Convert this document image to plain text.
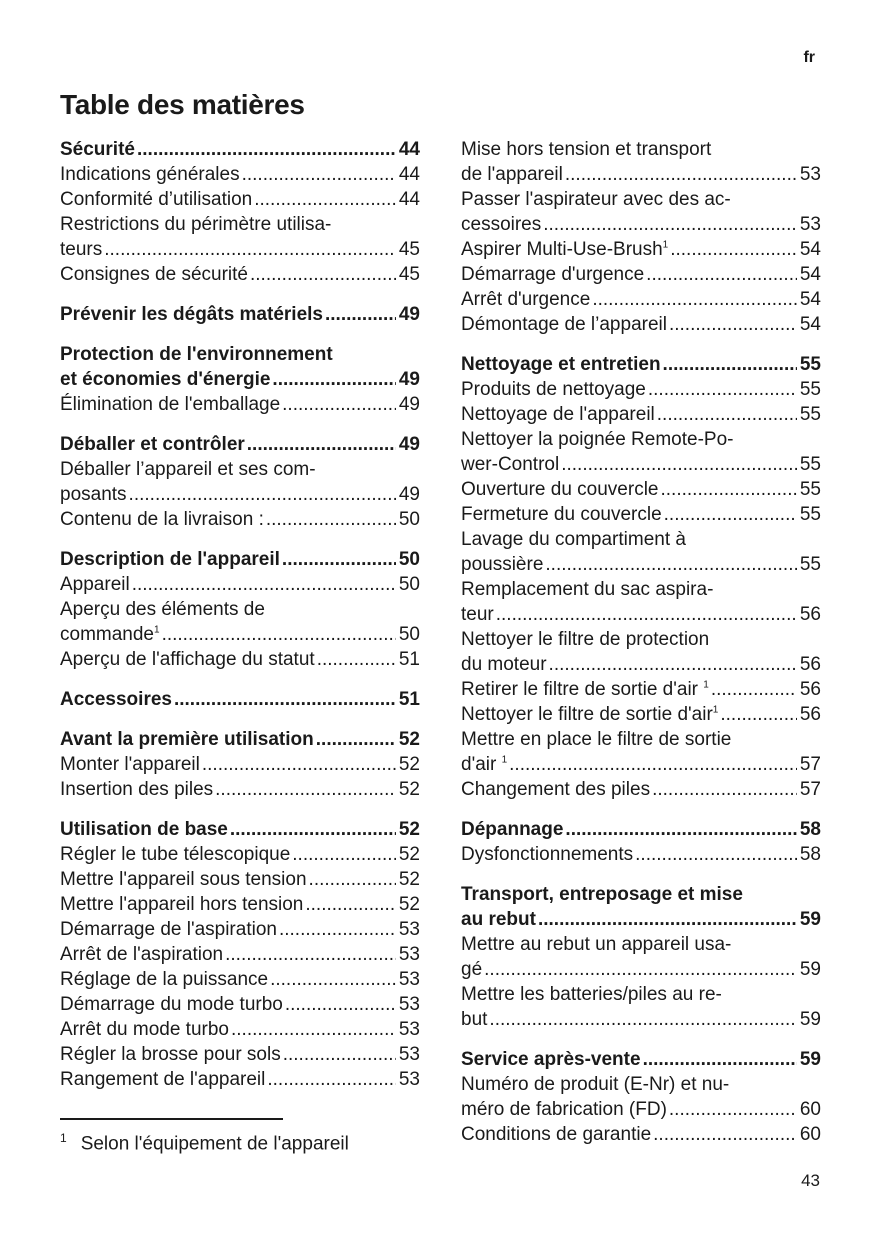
fr
Table des matières
Sécurité .....	44
Indications générales .....	44
Conformité d’utilisation .....	44
Restrictions du périmètre utilisa-
teurs .....	45
Consignes de sécurité .....	45
Prévenir les dégâts matériels .....	49
Protection de l'environnement
et économies d'énergie .....	49
Élimination de l'emballage .....	49
Déballer et contrôler .....	49
Déballer l’appareil et ses com-
posants .....	49
Contenu de la livraison : .....	50
Description de l'appareil .....	50
Appareil .....	50
Aperçu des éléments de
commande$^1$ .....	50
Aperçu de l'affichage du statut .....	51
Accessoires .....	51
Avant la première utilisation .....	52
Monter l'appareil .....	52
Insertion des piles .....	52
Utilisation de base .....	52
Régler le tube télescopique .....	52
Mettre l'appareil sous tension .....	52
Mettre l'appareil hors tension .....	52
Démarrage de l'aspiration .....	53
Arrêt de l'aspiration .....	53
Réglage de la puissance .....	53
Démarrage du mode turbo .....	53
Arrêt du mode turbo .....	53
Régler la brosse pour sols .....	53
Rangement de l'appareil .....	53
Mise hors tension et transport
de l'appareil .....	53
Passer l'aspirateur avec des ac-
cessoires .....	53
Aspirer Multi-Use-Brush$^1$ .....	54
Démarrage d'urgence .....	54
Arrêt d'urgence .....	54
Démontage de l’appareil .....	54
Nettoyage et entretien .....	55
Produits de nettoyage .....	55
Nettoyage de l'appareil .....	55
Nettoyer la poignée Remote-Po-
wer-Control .....	55
Ouverture du couvercle .....	55
Fermeture du couvercle .....	55
Lavage du compartiment à
poussière .....	55
Remplacement du sac aspira-
teur .....	56
Nettoyer le filtre de protection
du moteur .....	56
Retirer le filtre de sortie d'air $^1$ .....	56
Nettoyer le filtre de sortie d'air$^1$ .....	56
Mettre en place le filtre de sortie
d'air $^1$ .....	57
Changement des piles .....	57
Dépannage .....	58
Dysfonctionnements .....	58
Transport, entreposage et mise
au rebut .....	59
Mettre au rebut un appareil usa-
gé .....	59
Mettre les batteries/piles au re-
but .....	59
Service après-vente .....	59
Numéro de produit (E-Nr) et nu-
méro de fabrication (FD) .....	60
Conditions de garantie .....	60
$^1$ Selon l'équipement de l'appareil
43
